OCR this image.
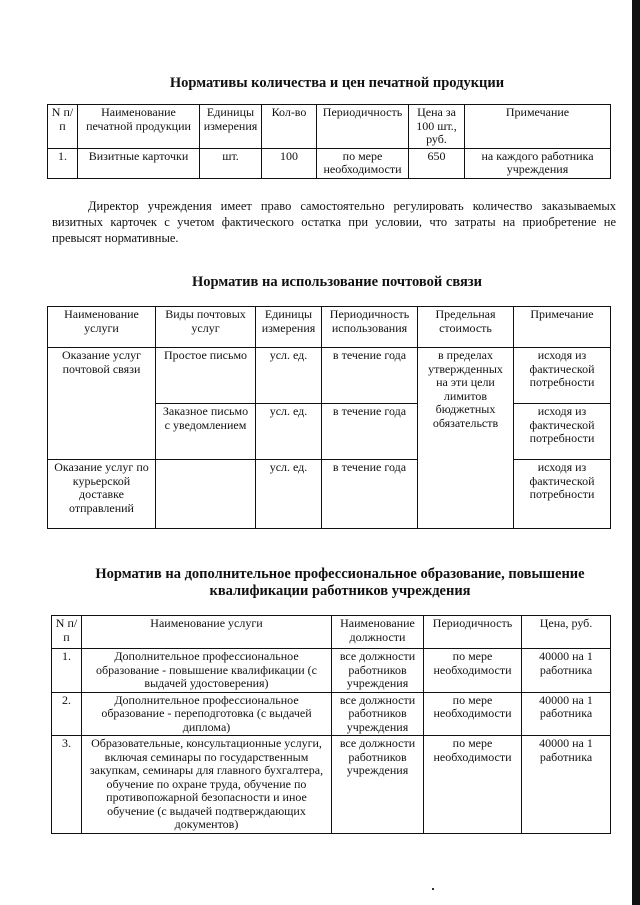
Нормативы количества и цен печатной продукции
N п/п	Наименование печатной продукции	Единицы измерения	Кол-во	Периодичность	Цена за 100 шт., руб.	Примечание
1.	Визитные карточки	шт.	100	по мере необходимости	650	на каждого работника учреждения

Директор учреждения имеет право самостоятельно регулировать количество заказываемых визитных карточек с учетом фактического остатка при условии, что затраты на приобретение не превысят нормативные.

Норматив на использование почтовой связи
Наименование услуги	Виды почтовых услуг	Единицы измерения	Периодичность использования	Предельная стоимость	Примечание
Оказание услуг почтовой связи	Простое письмо	усл. ед.	в течение года	в пределах утвержденных на эти цели лимитов бюджетных обязательств	исходя из фактической потребности
	Заказное письмо с уведомлением	усл. ед.	в течение года		исходя из фактической потребности
Оказание услуг по курьерской доставке отправлений		усл. ед.	в течение года		исходя из фактической потребности
Норматив на дополнительное профессиональное образование, повышение
квалификации работников учреждения
N п/п	Наименование услуги	Наименование должности	Периодичность	Цена, руб.
1.	Дополнительное профессиональное образование - повышение квалификации (с выдачей удостоверения)	все должности работников учреждения	по мере необходимости	40000 на 1 работника
2.	Дополнительное профессиональное образование - переподготовка (с выдачей диплома)	все должности работников учреждения	по мере необходимости	40000 на 1 работника
3.	Образовательные, консультационные услуги, включая семинары по государственным закупкам, семинары для главного бухгалтера, обучение по охране труда, обучение по противопожарной безопасности и иное обучение (с выдачей подтверждающих документов)	все должности работников учреждения	по мере необходимости	40000 на 1 работника
